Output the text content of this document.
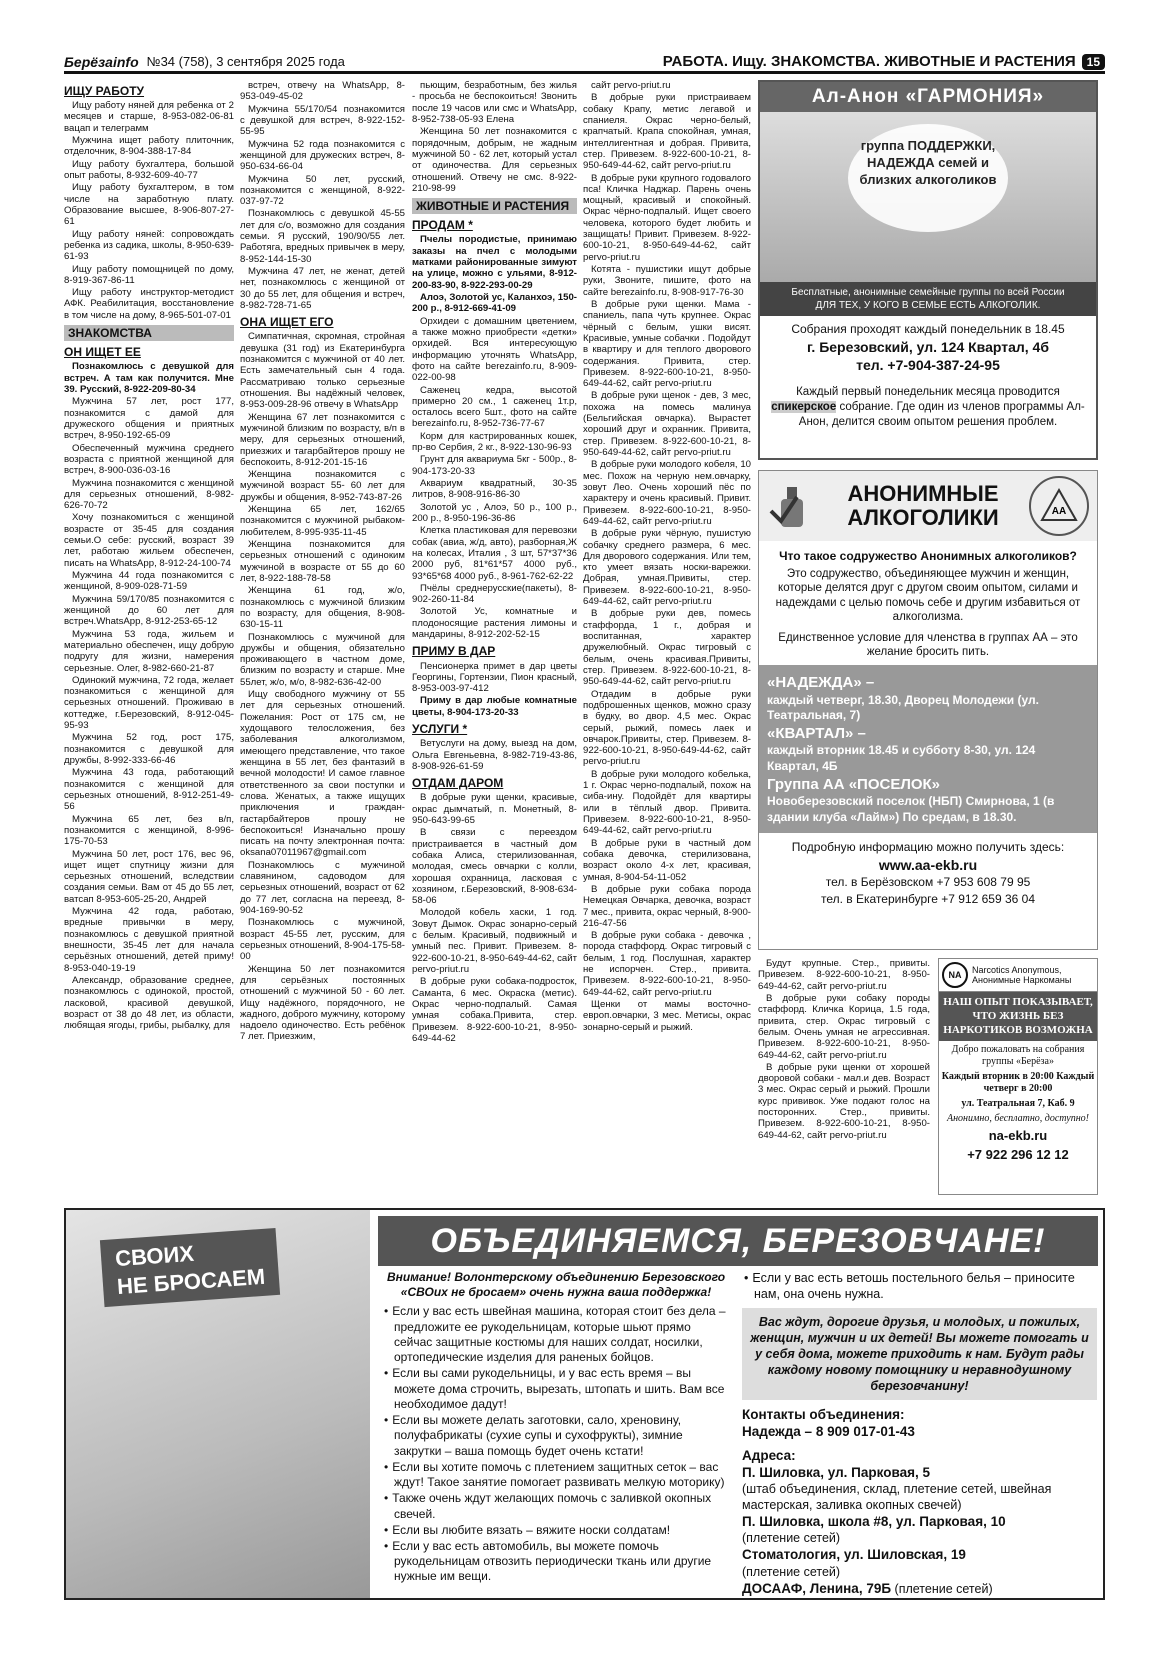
Берёзаinfo №34 (758), 3 сентября 2025 года	РАБОТА. Ищу. ЗНАКОМСТВА. ЖИВОТНЫЕ И РАСТЕНИЯ 15
ИЩУ РАБОТУ

Ищу работу няней для ребенка от 2 месяцев и старше, 8-953-082-06-81 вацап и телеграмм

Мужчина ищет работу плиточник, отделочник, 8-904-388-17-84

Ищу работу бухгалтера, большой опыт работы, 8-932-609-40-77

Ищу работу бухгалтером, в том числе на заработную плату. Образование высшее, 8-906-807-27-61

Ищу работу няней: сопровождать ребенка из садика, школы, 8-950-639-61-93

Ищу работу помощницей по дому, 8-919-367-86-11

Ищу работу инструктор-методист АФК. Реабилитация, восстановление в том числе на дому, 8-965-501-07-01

ЗНАКОМСТВА
ОН ИЩЕТ ЕЕ

Познакомлюсь с девушкой для встреч. А там как получится. Мне 39. Русский, 8-922-209-80-34

Мужчина 57 лет, рост 177, познакомится с дамой для дружеского общения и приятных встреч, 8-950-192-65-09

Обеспеченный мужчина среднего возраста с приятной женщиной для встреч, 8-900-036-03-16

Мужчина познакомится с женщиной для серьезных отношений, 8-982-626-70-72

Хочу познакомиться с женщиной возрасте от 35-45 для создания семьи.О себе: русский, возраст 39 лет, работаю жильем обеспечен, писать на WhatsApp, 8-912-24-100-74

Мужчина 44 года познакомится с женщиной, 8-909-028-71-59

Мужчина 59/170/85 познакомится с женщиной до 60 лет для встреч.WhatsApp, 8-912-253-65-12

Мужчина 53 года, жильем и материально обеспечен, ищу добрую подругу для жизни, намерения серьезные. Олег, 8-982-660-21-87

Одинокий мужчина, 72 года, желает познакомиться с женщиной для серьезных отношений. Проживаю в коттедже, г.Березовский, 8-912-045-95-93

Мужчина 52 год, рост 175, познакомится с девушкой для дружбы, 8-992-333-66-46

Мужчина 43 года, работающий познакомится с женщиной для серьезных отношений, 8-912-251-49-56

Мужчина 65 лет, без в/п, познакомится с женщиной, 8-996-175-70-53

Мужчина 50 лет, рост 176, вес 96, ищет ищет спутницу жизни для серьезных отношений, вследствии создания семьи. Вам от 45 до 55 лет, ватсап 8-953-605-25-20, Андрей

Мужчина 42 года, работаю, вредные привычки в меру, познакомлюсь с девушкой приятной внешности, 35-45 лет для начала серьёзных отношений, детей приму! 8-953-040-19-19

Александр, образование среднее, познакомлюсь с одинокой, простой, ласковой, красивой девушкой, возраст от 38 до 48 лет, из области, любящая ягоды, грибы, рыбалку, для

встреч, отвечу на WhatsApp, 8-953-049-45-02

Мужчина 55/170/54 познакомится с девушкой для встреч, 8-922-152-55-95

Мужчина 52 года познакомится с женщиной для дружеских встреч, 8-950-634-66-04

Мужчина 50 лет, русский, познакомится с женщиной, 8-922-037-97-72

Познакомлюсь с девушкой 45-55 лет для с/о, возможно для создания семьи. Я русский, 190/90/55 лет. Работяга, вредных привычек в меру, 8-952-144-15-30

Мужчина 47 лет, не женат, детей нет, познакомлюсь с женщиной от 30 до 55 лет, для общения и встреч, 8-982-728-71-65

ОНА ИЩЕТ ЕГО

Симпатичная, скромная, стройная девушка (31 год) из Екатеринбурга познакомится с мужчиной от 40 лет. Есть замечательный сын 4 года. Рассматриваю только серьезные отношения. Вы надёжный человек, 8-953-009-28-96 отвечу в WhatsApp

Женщина 67 лет познакомится с мужчиной близким по возрасту, в/п в меру, для серьезных отношений, приезжих и тагарбайтеров прошу не беспокоить, 8-912-201-15-16

Женщина познакомится с мужчиной возраст 55- 60 лет для дружбы и общения, 8-952-743-87-26

Женщина 65 лет, 162/65 познакомится с мужчиной рыбаком-любителем, 8-995-935-11-45

Женщина познакомится для серьезных отношений с одиноким мужчиной в возрасте от 55 до 60 лет, 8-922-188-78-58

Женщина 61 год, ж/о, познакомлюсь с мужчиной близким по возрасту, для общения, 8-908-630-15-11

Познакомлюсь с мужчиной для дружбы и общения, обязательно проживающего в частном доме, близким по возрасту и старше. Мне 55лет, ж/о, м/о, 8-982-636-42-00

Ищу свободного мужчину от 55 лет для серьезных отношений. Пожелания: Рост от 175 см, не худощавого телосложения, без заболевания алкоголизмом, имеющего представление, что такое женщина в 55 лет, без фантазий в вечной молодости! И самое главное ответственного за свои поступки и слова. Женатых, а также ищущих приключения и граждан-гастарбайтеров прошу не беспокоиться! Изначально прошу писать на почту электронная почта: oksana07011967@gmail.com

Познакомлюсь с мужчиной славянином, садоводом для серьезных отношений, возраст от 62 до 77 лет, согласна на переезд, 8-904-169-90-52

Познакомлюсь с мужчиной, возраст 45-55 лет, русским, для серьезных отношений, 8-904-175-58-00

Женщина 50 лет познакомится для серьёзных постоянных отношений с мужчиной 50 - 60 лет. Ищу надёжного, порядочного, не жадного, доброго мужчину, которому надоело одиночество. Есть ребёнок 7 лет. Приезжим,

пьющим, безработным, без жилья - просьба не беспокоиться! Звонить после 19 часов или смс и WhatsApp, 8-952-738-05-93 Елена

Женщина 50 лет познакомится с порядочным, добрым, не жадным мужчиной 50 - 62 лет, который устал от одиночества. Для серьезных отношений. Отвечу не смс. 8-922-210-98-99

ЖИВОТНЫЕ И РАСТЕНИЯ
ПРОДАМ *

Пчелы породистые, принимаю заказы на пчел с молодыми матками районированные зимуют на улице, можно с ульями, 8-912-200-83-90, 8-922-293-00-29

Алоэ, Золотой ус, Каланхоэ, 150-200 р., 8-912-669-41-09

Орхидеи с домашним цветением, а также можно приобрести «детки» орхидей. Вся интересующую информацию уточнять WhatsApp, фото на сайте berezainfo.ru, 8-909-022-00-98

Саженец кедра, высотой примерно 20 см., 1 саженец 1т.р, осталось всего 5шт., фото на сайте berezainfo.ru, 8-952-736-77-67

Корм для кастрированных кошек, пр-во Сербия, 2 кг., 8-922-130-96-93

Грунт для аквариума 5кг - 500р., 8-904-173-20-33

Аквариум квадратный, 30-35 литров, 8-908-916-86-30

Золотой ус , Алоэ, 50 р., 100 р., 200 р., 8-950-196-36-86

Клетка пластиковая для перевозки собак (авиа, ж/д, авто), разборная,Ж на колесах, Италия , 3 шт, 57*37*36 2000 руб, 81*61*57 4000 руб., 93*65*68 4000 руб., 8-961-762-62-22

Пчёлы среднерусские(пакеты), 8-902-260-11-84

Золотой Ус, комнатные и плодоносящие растения лимоны и мандарины, 8-912-202-52-15

ПРИМУ В ДАР

Пенсионерка примет в дар цветы Георгины, Гортензии, Пион красный, 8-953-003-97-412

Приму в дар любые комнатные цветы, 8-904-173-20-33

УСЛУГИ *

Ветуслуги на дому, выезд на дом, Ольга Евгеньевна, 8-982-719-43-86, 8-908-926-61-59

ОТДАМ ДАРОМ

В добрые руки щенки, красивые, окрас дымчатый, п. Монетный, 8-950-643-99-65

В связи с переездом пристраивается в частный дом собака Алиса, стерилизованная, молодая, смесь овчарки с колли, хорошая охранница, ласковая с хозяином, г.Березовский, 8-908-634-58-06

Молодой кобель хаски, 1 год. Зовут Дымок. Окрас зонарно-серый с белым. Красивый, подвижный и умный пес. Привит. Привезем. 8-922-600-10-21, 8-950-649-44-62, сайт pervo-priut.ru

В добрые руки собака-подросток, Саманта, 6 мес. Окраска (метис). Окрас черно-подпалый. Самая умная собака.Привита, стер. Привезем. 8-922-600-10-21, 8-950-649-44-62

сайт pervo-priut.ru

В добрые руки пристраиваем собаку Крапу, метис легавой и спаниеля. Окрас черно-белый, крапчатый. Крапа спокойная, умная, интеллигентная и добрая. Привита, стер. Привезем. 8-922-600-10-21, 8-950-649-44-62, сайт pervo-priut.ru

В добрые руки крупного годовалого пса! Кличка Наджар. Парень очень мощный, красивый и спокойный. Окрас чёрно-подпалый. Ищет своего человека, которого будет любить и защищать! Привит. Привезем. 8-922-600-10-21, 8-950-649-44-62, сайт pervo-priut.ru

Котята - пушистики ищут добрые руки, Звоните, пишите, фото на сайте berezainfo.ru, 8-908-917-76-30

В добрые руки щенки. Мама - спаниель, папа чуть крупнее. Окрас чёрный с белым, ушки висят. Красивые, умные собачки . Подойдут в квартиру и для теплого дворового содержания. Привита, стер. Привезем. 8-922-600-10-21, 8-950-649-44-62, сайт pervo-priut.ru

В добрые руки щенок - дев, 3 мес, похожа на помесь малинуа (Бельгийская овчарка). Вырастет хороший друг и охранник. Привита, стер. Привезем. 8-922-600-10-21, 8-950-649-44-62, сайт pervo-priut.ru

В добрые руки молодого кобеля, 10 мес. Похож на черную нем.овчарку, зовут Лео. Очень хороший пёс по характеру и очень красивый. Привит. Привезем. 8-922-600-10-21, 8-950-649-44-62, сайт pervo-priut.ru

В добрые руки чёрную, пушистую собачку среднего размера, 6 мес. Для дворового содержания. Или тем, кто умеет вязать носки-варежки. Добрая, умная.Привиты, стер. Привезем. 8-922-600-10-21, 8-950-649-44-62, сайт pervo-priut.ru

В добрые руки дев, помесь стаффорда, 1 г., добрая и воспитанная, характер дружелюбный. Окрас тигровый с белым, очень красивая.Привиты, стер. Привезем. 8-922-600-10-21, 8-950-649-44-62, сайт pervo-priut.ru

Отдадим в добрые руки подброшенных щенков, можно сразу в будку, во двор. 4,5 мес. Окрас серый, рыжий, помесь лаек и овчарок.Привиты, стер. Привезем. 8-922-600-10-21, 8-950-649-44-62, сайт pervo-priut.ru

В добрые руки молодого кобелька, 1 г. Окрас черно-подпалый, похож на сиба-ину. Подойдёт для квартиры или в тёплый двор. Привита. Привезем. 8-922-600-10-21, 8-950-649-44-62, сайт pervo-priut.ru

В добрые руки в частный дом собака девочка, стерилизована, возраст около 4-х лет, красивая, умная, 8-904-54-11-052

В добрые руки собака порода Немецкая Овчарка, девочка, возраст 7 мес., привита, окрас черный, 8-900-216-47-56

В добрые руки собака - девочка , порода стаффорд. Окрас тигровый с белым, 1 год. Послушная, характер не испорчен. Стер., привита. Привезем. 8-922-600-10-21, 8-950-649-44-62, сайт pervo-priut.ru

Щенки от мамы восточно-европ.овчарки, 3 мес. Метисы, окрас зонарно-серый и рыжий.

Будут крупные. Стер., привиты. Привезем. 8-922-600-10-21, 8-950-649-44-62, сайт pervo-priut.ru

В добрые руки собаку породы стаффорд. Кличка Корица, 1.5 года, привита, стер. Окрас тигровый с белым. Очень умная не агрессивная. Привезем. 8-922-600-10-21, 8-950-649-44-62, сайт pervo-priut.ru

В добрые руки щенки от хорошей дворовой собаки - мал.и дев. Возраст 3 мес. Окрас серый и рыжий. Прошли курс прививок. Уже подают голос на посторонних. Стер., привиты. Привезем. 8-922-600-10-21, 8-950-649-44-62, сайт pervo-priut.ru

Ал-Анон «ГАРМОНИЯ»
группа ПОДДЕРЖКИ, НАДЕЖДА семей и близких алкоголиков
Бесплатные, анонимные семейные группы по всей России
ДЛЯ ТЕХ, У КОГО В СЕМЬЕ ЕСТЬ АЛКОГОЛИК.
Собрания проходят каждый понедельник в 18.45
г. Березовский, ул. 124 Квартал, 4б
тел. +7-904-387-24-95
Каждый первый понедельник месяца проводится спикерское собрание. Где один из членов программы Ал-Анон, делится своим опытом решения проблем.
АНОНИМНЫЕ АЛКОГОЛИКИ	АА
Что такое содружество Анонимных алкоголиков?
Это содружество, объединяющее мужчин и женщин, которые делятся друг с другом своим опытом, силами и надеждами с целью помочь себе и другим избавиться от алкоголизма.
Единственное условие для членства в группах АА – это желание бросить пить.
«НАДЕЖДА» –
каждый четверг, 18.30, Дворец Молодежи (ул. Театральная, 7)
«КВАРТАЛ» –
каждый вторник 18.45 и субботу 8-30, ул. 124 Квартал, 4Б
Группа АА «ПОСЕЛОК»
Новоберезовский поселок (НБП) Смирнова, 1 (в здании клуба «Лайм») По средам, в 18.30.
Подробную информацию можно получить здесь:
www.aa-ekb.ru
тел. в Берёзовском +7 953 608 79 95
тел. в Екатеринбурге +7 912 659 36 04
NA	Narcotics Anonymous,
Анонимные Наркоманы
НАШ ОПЫТ ПОКАЗЫВАЕТ, ЧТО ЖИЗНЬ БЕЗ НАРКОТИКОВ ВОЗМОЖНА

Добро пожаловать на собрания группы «Берёза»

Каждый вторник в 20:00 Каждый четверг в 20:00

ул. Театральная 7, Каб. 9

Анонимно, бесплатно, доступно!

na-ekb.ru

+7 922 296 12 12

СВОИХ
НЕ БРОСАЕМ
ОБЪЕДИНЯЕМСЯ, БЕРЕЗОВЧАНЕ!
Внимание! Волонтерскому объединению Березовского «СВОих не бросаем» очень нужна ваша поддержка!
• Если у вас есть швейная машина, которая стоит без дела – предложите ее рукодельницам, которые шьют прямо сейчас защитные костюмы для наших солдат, носилки, ортопедические изделия для раненых бойцов.
• Если вы сами рукодельницы, и у вас есть время – вы можете дома строчить, вырезать, штопать и шить. Вам все необходимое дадут!
• Если вы можете делать заготовки, сало, хреновину, полуфабрикаты (сухие супы и сухофрукты), зимние закрутки – ваша помощь будет очень кстати!
• Если вы хотите помочь с плетением защитных сеток – вас ждут! Такое занятие помогает развивать мелкую моторику)
• Также очень ждут желающих помочь с заливкой окопных свечей.
• Если вы любите вязать – вяжите носки солдатам!
• Если у вас есть автомобиль, вы можете помочь рукодельницам отвозить периодически ткань или другие нужные им вещи.
• Если у вас есть ветошь постельного белья – приносите нам, она очень нужна.
Вас ждут, дорогие друзья, и молодых, и пожилых, женщин, мужчин и их детей! Вы можете помогать и у себя дома, можете приходить к нам. Будут рады каждому новому помощнику и неравнодушному березовчанину!
Контакты объединения:
Надежда – 8 909 017-01-43
Адреса:
П. Шиловка, ул. Парковая, 5
(штаб объединения, склад, плетение сетей, швейная мастерская, заливка окопных свечей)
П. Шиловка, школа #8, ул. Парковая, 10
(плетение сетей)
Стоматология, ул. Шиловская, 19
(плетение сетей)
ДОСААФ, Ленина, 79Б (плетение сетей)
